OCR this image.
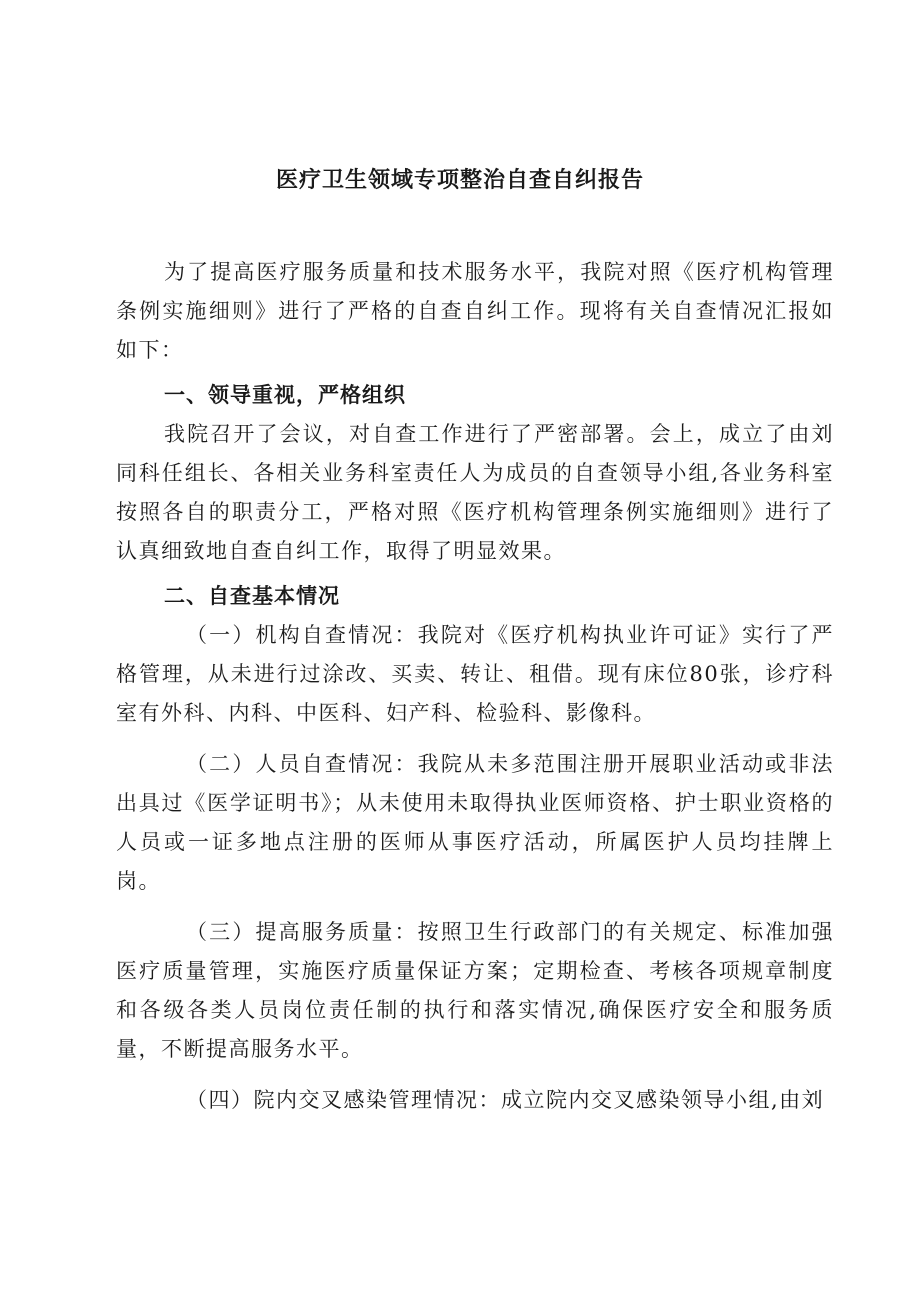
医疗卫生领域专项整治自查自纠报告

为了提高医疗服务质量和技术服务水平，我院对照《医疗机构管理条例实施细则》进行了严格的自查自纠工作。现将有关自查情况汇报如如下：

一、领导重视，严格组织

我院召开了会议，对自查工作进行了严密部署。会上，成立了由刘同科任组长、各相关业务科室责任人为成员的自查领导小组,各业务科室按照各自的职责分工，严格对照《医疗机构管理条例实施细则》进行了认真细致地自查自纠工作，取得了明显效果。

二、自查基本情况

（一）机构自查情况：我院对《医疗机构执业许可证》实行了严格管理，从未进行过涂改、买卖、转让、租借。现有床位80张，诊疗科室有外科、内科、中医科、妇产科、检验科、影像科。

（二）人员自查情况：我院从未多范围注册开展职业活动或非法出具过《医学证明书》；从未使用未取得执业医师资格、护士职业资格的人员或一证多地点注册的医师从事医疗活动，所属医护人员均挂牌上岗。

（三）提高服务质量：按照卫生行政部门的有关规定、标准加强医疗质量管理，实施医疗质量保证方案；定期检查、考核各项规章制度和各级各类人员岗位责任制的执行和落实情况,确保医疗安全和服务质量，不断提高服务水平。

（四）院内交叉感染管理情况：成立院内交叉感染领导小组,由刘
